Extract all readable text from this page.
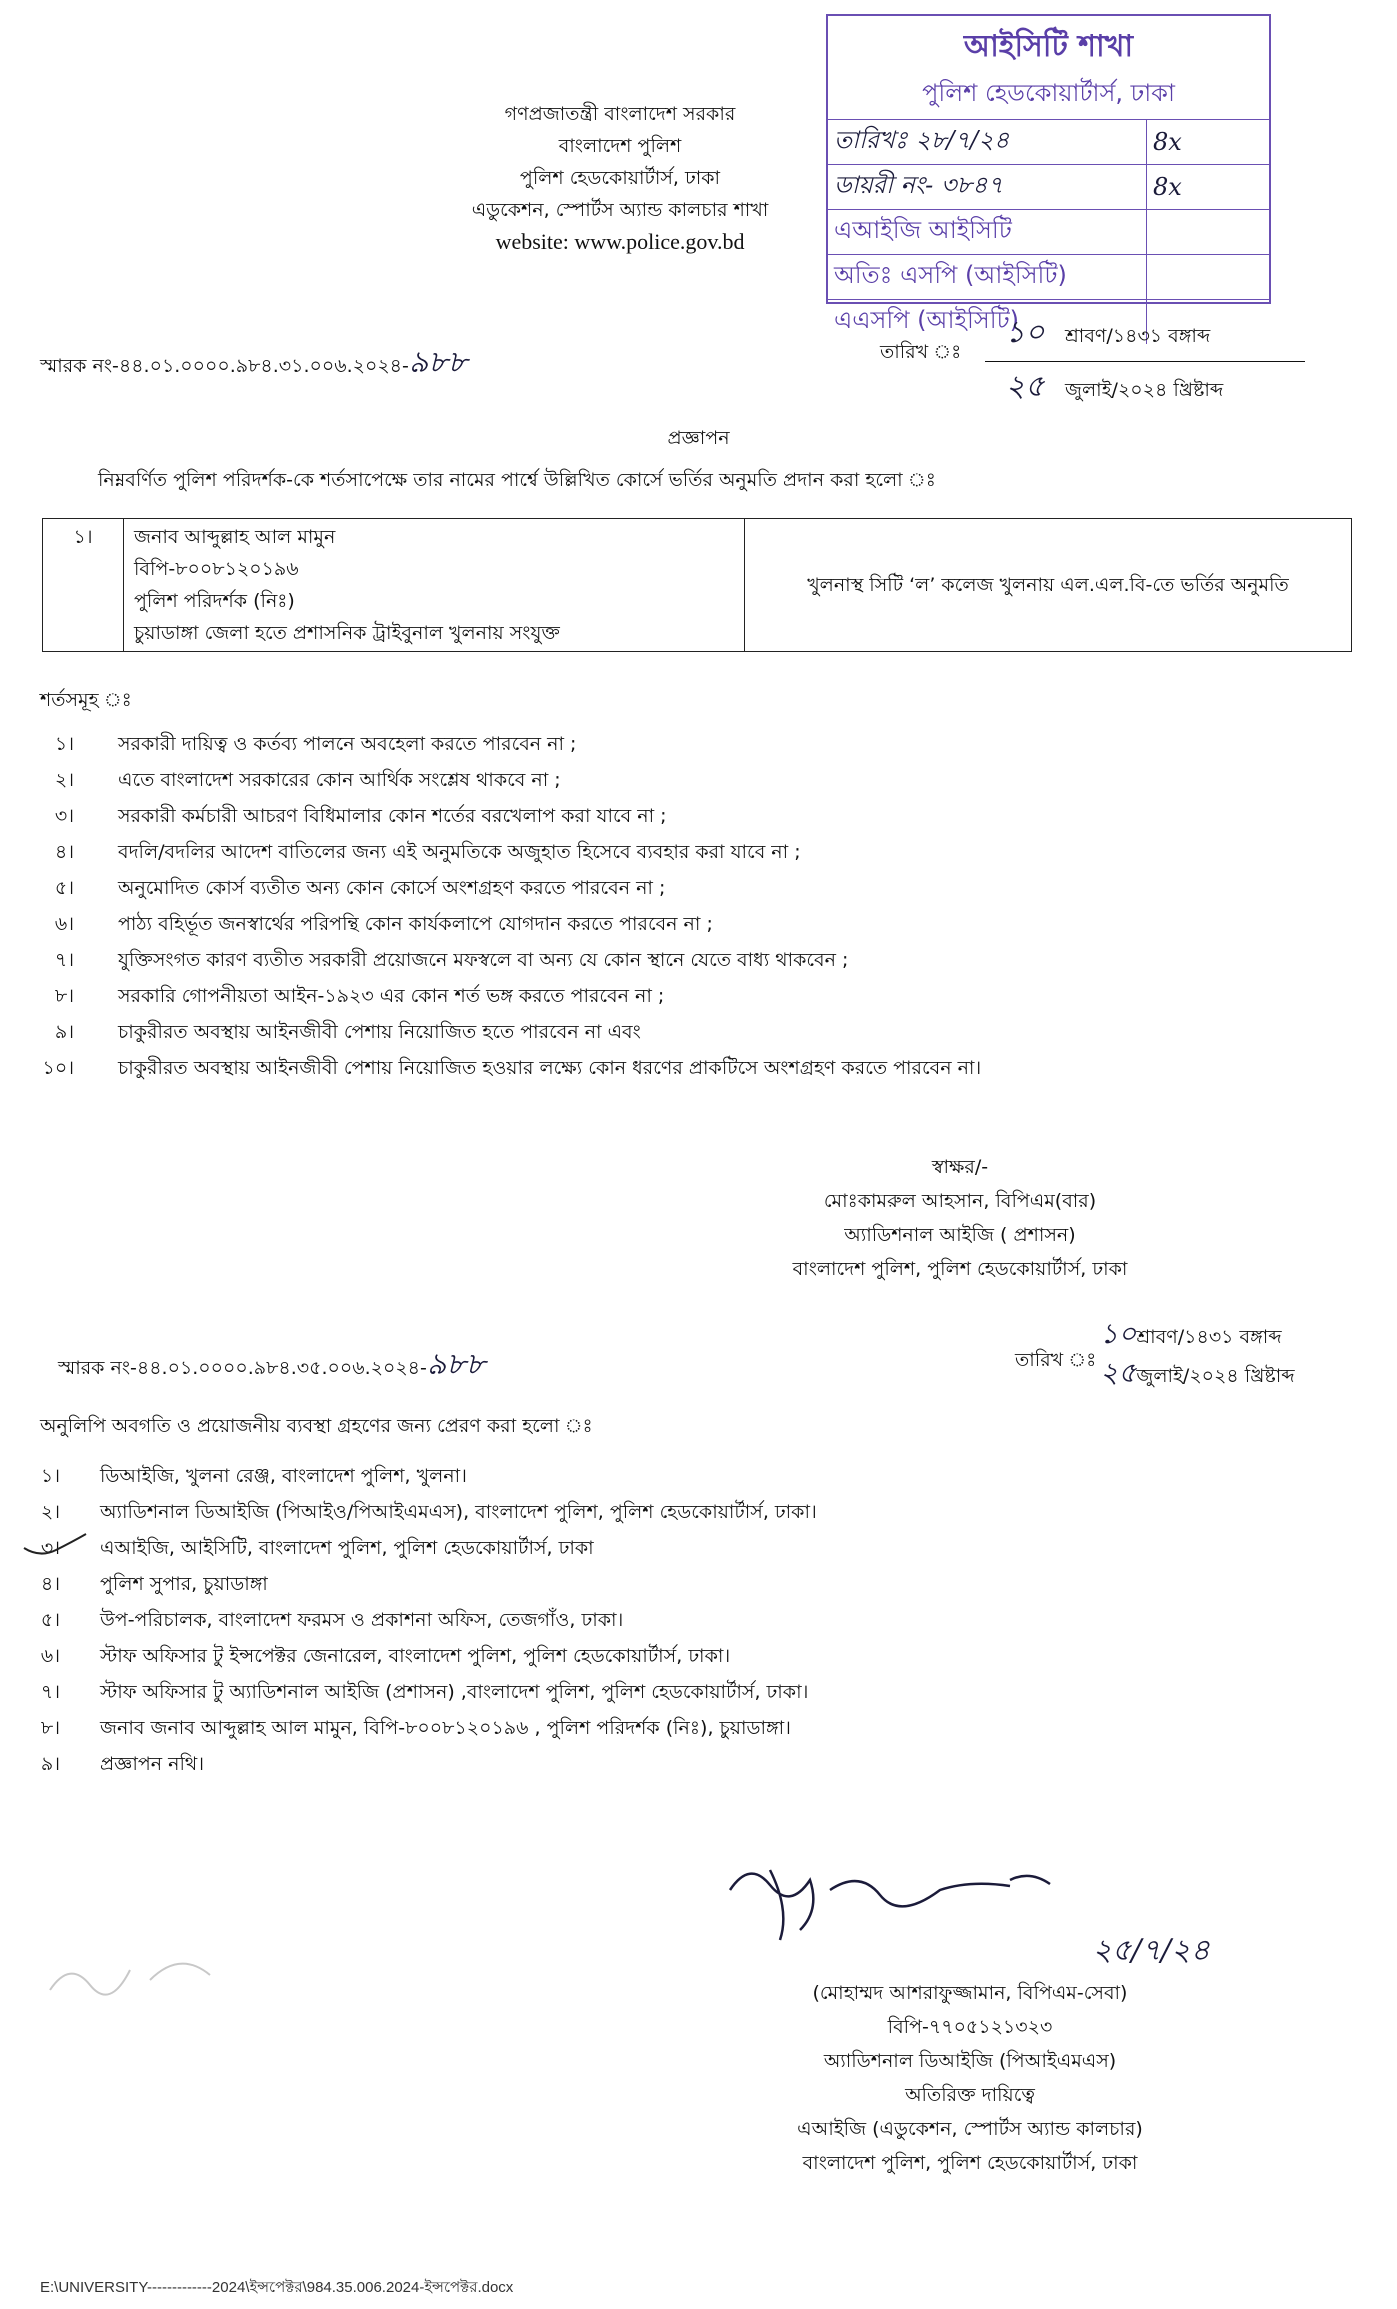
আইসিটি শাখা
পুলিশ হেডকোয়ার্টার্স, ঢাকা
তারিখঃ ২৮/৭/২৪	8x
ডায়রী নং- ৩৮৪৭	8x
এআইজি আইসিটি	
অতিঃ এসপি (আইসিটি)	
এএসপি (আইসিটি)	
গণপ্রজাতন্ত্রী বাংলাদেশ সরকার
বাংলাদেশ পুলিশ
পুলিশ হেডকোয়ার্টার্স, ঢাকা
এডুকেশন, স্পোর্টস অ্যান্ড কালচার শাখা
website: www.police.gov.bd
স্মারক নং-৪৪.০১.০০০০.৯৮৪.৩১.০০৬.২০২৪-৯৮৮	তারিখ ঃ
১০ শ্রাবণ/১৪৩১ বঙ্গাব্দ
২৫ জুলাই/২০২৪ খ্রিষ্টাব্দ
প্রজ্ঞাপন
নিম্নবর্ণিত পুলিশ পরিদর্শক-কে শর্তসাপেক্ষে তার নামের পার্শ্বে উল্লিখিত কোর্সে ভর্তির অনুমতি প্রদান করা হলো ঃ
১।	জনাব আব্দুল্লাহ আল মামুন
বিপি-৮০০৮১২০১৯৬
পুলিশ পরিদর্শক (নিঃ)
চুয়াডাঙ্গা জেলা হতে প্রশাসনিক ট্রাইবুনাল খুলনায় সংযুক্ত
	খুলনাস্থ সিটি ‘ল’ কলেজ খুলনায় এল.এল.বি-তে ভর্তির অনুমতি
শর্তসমূহ ঃ
১।	সরকারী দায়িত্ব ও কর্তব্য পালনে অবহেলা করতে পারবেন না ;
২।	এতে বাংলাদেশ সরকারের কোন আর্থিক সংশ্লেষ থাকবে না ;
৩।	সরকারী কর্মচারী আচরণ বিধিমালার কোন শর্তের বরখেলাপ করা যাবে না ;
৪।	বদলি/বদলির আদেশ বাতিলের জন্য এই অনুমতিকে অজুহাত হিসেবে ব্যবহার করা যাবে না ;
৫।	অনুমোদিত কোর্স ব্যতীত অন্য কোন কোর্সে অংশগ্রহণ করতে পারবেন না ;
৬।	পাঠ্য বহির্ভূত জনস্বার্থের পরিপন্থি কোন কার্যকলাপে যোগদান করতে পারবেন না ;
৭।	যুক্তিসংগত কারণ ব্যতীত সরকারী প্রয়োজনে মফস্বলে বা অন্য যে কোন স্থানে যেতে বাধ্য থাকবেন ;
৮।	সরকারি গোপনীয়তা আইন-১৯২৩ এর কোন শর্ত ভঙ্গ করতে পারবেন না ;
৯।	চাকুরীরত অবস্থায় আইনজীবী পেশায় নিয়োজিত হতে পারবেন না এবং
১০।	চাকুরীরত অবস্থায় আইনজীবী পেশায় নিয়োজিত হওয়ার লক্ষ্যে কোন ধরণের প্রাকটিসে অংশগ্রহণ করতে পারবেন না।
স্বাক্ষর/-
মোঃকামরুল আহসান, বিপিএম(বার)
অ্যাডিশনাল আইজি ( প্রশাসন)
বাংলাদেশ পুলিশ, পুলিশ হেডকোয়ার্টার্স, ঢাকা
স্মারক নং-৪৪.০১.০০০০.৯৮৪.৩৫.০০৬.২০২৪-৯৮৮	তারিখ ঃ
১০শ্রাবণ/১৪৩১ বঙ্গাব্দ
২৫জুলাই/২০২৪ খ্রিষ্টাব্দ
অনুলিপি অবগতি ও প্রয়োজনীয় ব্যবস্থা গ্রহণের জন্য প্রেরণ করা হলো ঃ
১।	ডিআইজি, খুলনা রেঞ্জ, বাংলাদেশ পুলিশ, খুলনা।
২।	অ্যাডিশনাল ডিআইজি (পিআইও/পিআইএমএস), বাংলাদেশ পুলিশ, পুলিশ হেডকোয়ার্টার্স, ঢাকা।
৩।	এআইজি, আইসিটি, বাংলাদেশ পুলিশ, পুলিশ হেডকোয়ার্টার্স, ঢাকা
৪।	পুলিশ সুপার, চুয়াডাঙ্গা
৫।	উপ-পরিচালক, বাংলাদেশ ফরমস ও প্রকাশনা অফিস, তেজগাঁও, ঢাকা।
৬।	স্টাফ অফিসার টু ইন্সপেক্টর জেনারেল, বাংলাদেশ পুলিশ, পুলিশ হেডকোয়ার্টার্স, ঢাকা।
৭।	স্টাফ অফিসার টু অ্যাডিশনাল আইজি (প্রশাসন) ,বাংলাদেশ পুলিশ, পুলিশ হেডকোয়ার্টার্স, ঢাকা।
৮।	জনাব জনাব আব্দুল্লাহ আল মামুন, বিপি-৮০০৮১২০১৯৬ , পুলিশ পরিদর্শক (নিঃ), চুয়াডাঙ্গা।
৯।	প্রজ্ঞাপন নথি।
২৫/৭/২৪
(মোহাম্মদ আশরাফুজ্জামান, বিপিএম-সেবা)
বিপি-৭৭০৫১২১৩২৩
অ্যাডিশনাল ডিআইজি (পিআইএমএস)
অতিরিক্ত দায়িত্বে
এআইজি (এডুকেশন, স্পোর্টস অ্যান্ড কালচার)
বাংলাদেশ পুলিশ, পুলিশ হেডকোয়ার্টার্স, ঢাকা
E:\UNIVERSITY-------------2024\ইন্সপেক্টর\984.35.006.2024-ইন্সপেক্টর.docx
